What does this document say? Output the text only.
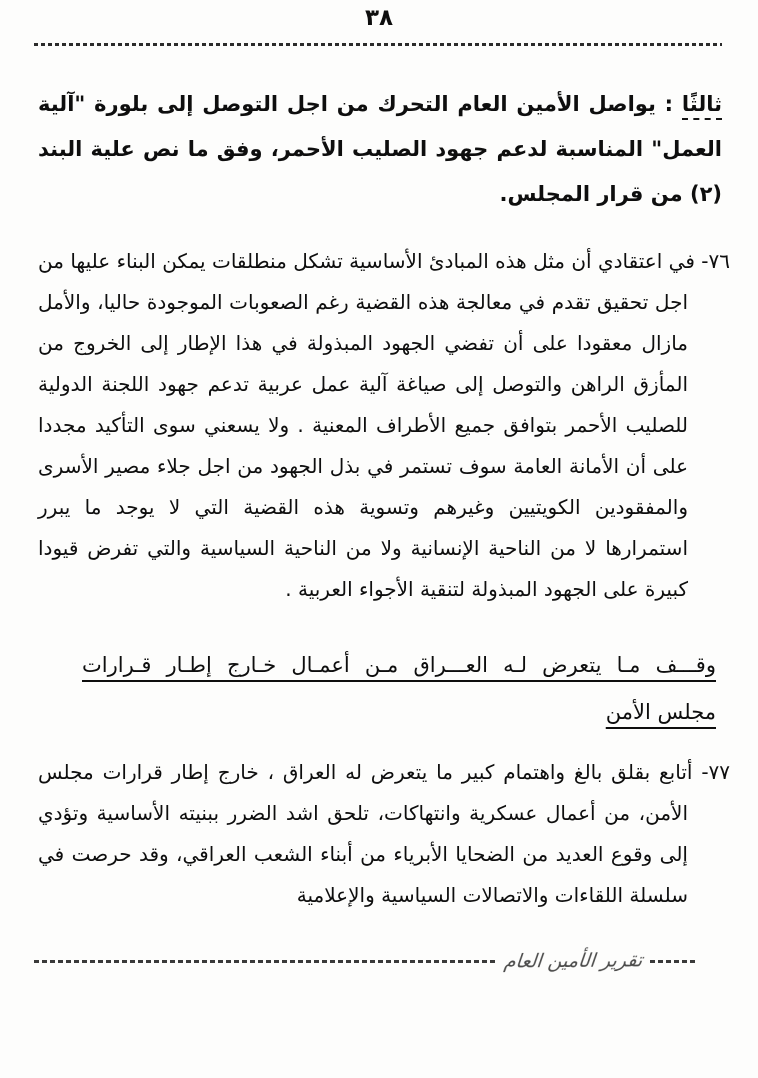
٣٨

ثالثًا : يواصل الأمين العام التحرك من اجل التوصل إلى بلورة "آلية العمل" المناسبة لدعم جهود الصليب الأحمر، وفق ما نص علية البند (٢) من قرار المجلس.

٧٦- في اعتقادي أن مثل هذه المبادئ الأساسية تشكل منطلقات يمكن البناء عليها من اجل تحقيق تقدم في معالجة هذه القضية رغم الصعوبات الموجودة حاليا، والأمل مازال معقودا على أن تفضي الجهود المبذولة في هذا الإطار إلى الخروج من المأزق الراهن والتوصل إلى صياغة آلية عمل عربية تدعم جهود اللجنة الدولية للصليب الأحمر بتوافق جميع الأطراف المعنية . ولا يسعني سوى التأكيد مجددا على أن الأمانة العامة سوف تستمر في بذل الجهود من اجل جلاء مصير الأسرى والمفقودين الكويتيين وغيرهم وتسوية هذه القضية التي لا يوجد ما يبرر استمرارها لا من الناحية الإنسانية ولا من الناحية السياسية والتي تفرض قيودا كبيرة على الجهود المبذولة لتنقية الأجواء العربية .

وقـــف مـا يتعرض لـه العـــراق مـن أعمـال خـارج إطـار قـرارات
مجلس الأمن

٧٧- أتابع بقلق بالغ واهتمام كبير ما يتعرض له العراق ، خارج إطار قرارات مجلس الأمن، من أعمال عسكرية وانتهاكات، تلحق اشد الضرر ببنيته الأساسية وتؤدي إلى وقوع العديد من الضحايا الأبرياء من أبناء الشعب العراقي، وقد حرصت في سلسلة اللقاءات والاتصالات السياسية والإعلامية

تقرير الأمين العام
